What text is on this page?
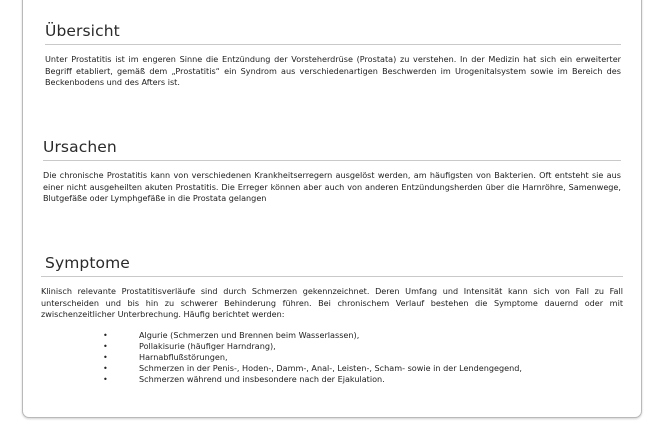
Übersicht

Unter Prostatitis ist im engeren Sinne die Entzündung der Vorsteherdrüse (Prostata) zu verstehen. In der Medizin hat sich ein erweiterter Begriff etabliert, gemäß dem „Prostatitis“ ein Syndrom aus verschiedenartigen Beschwerden im Urogenitalsystem sowie im Bereich des Beckenbodens und des Afters ist.

Ursachen

Die chronische Prostatitis kann von verschiedenen Krankheitserregern ausgelöst werden, am häufigsten von Bakterien. Oft entsteht sie aus einer nicht ausgeheilten akuten Prostatitis. Die Erreger können aber auch von anderen Entzündungsherden über die Harnröhre, Samenwege, Blutgefäße oder Lymphgefäße in die Prostata gelangen

Symptome

Klinisch relevante Prostatitisverläufe sind durch Schmerzen gekennzeichnet. Deren Umfang und Intensität kann sich von Fall zu Fall unterscheiden und bis hin zu schwerer Behinderung führen. Bei chronischem Verlauf bestehen die Symptome dauernd oder mit zwischenzeitlicher Unterbrechung. Häufig berichtet werden:

•	Algurie (Schmerzen und Brennen beim Wasserlassen),
•	Pollakisurie (häufiger Harndrang),
•	Harnabflußstörungen,
•	Schmerzen in der Penis-, Hoden-, Damm-, Anal-, Leisten-, Scham- sowie in der Lendengegend,
•	Schmerzen während und insbesondere nach der Ejakulation.
